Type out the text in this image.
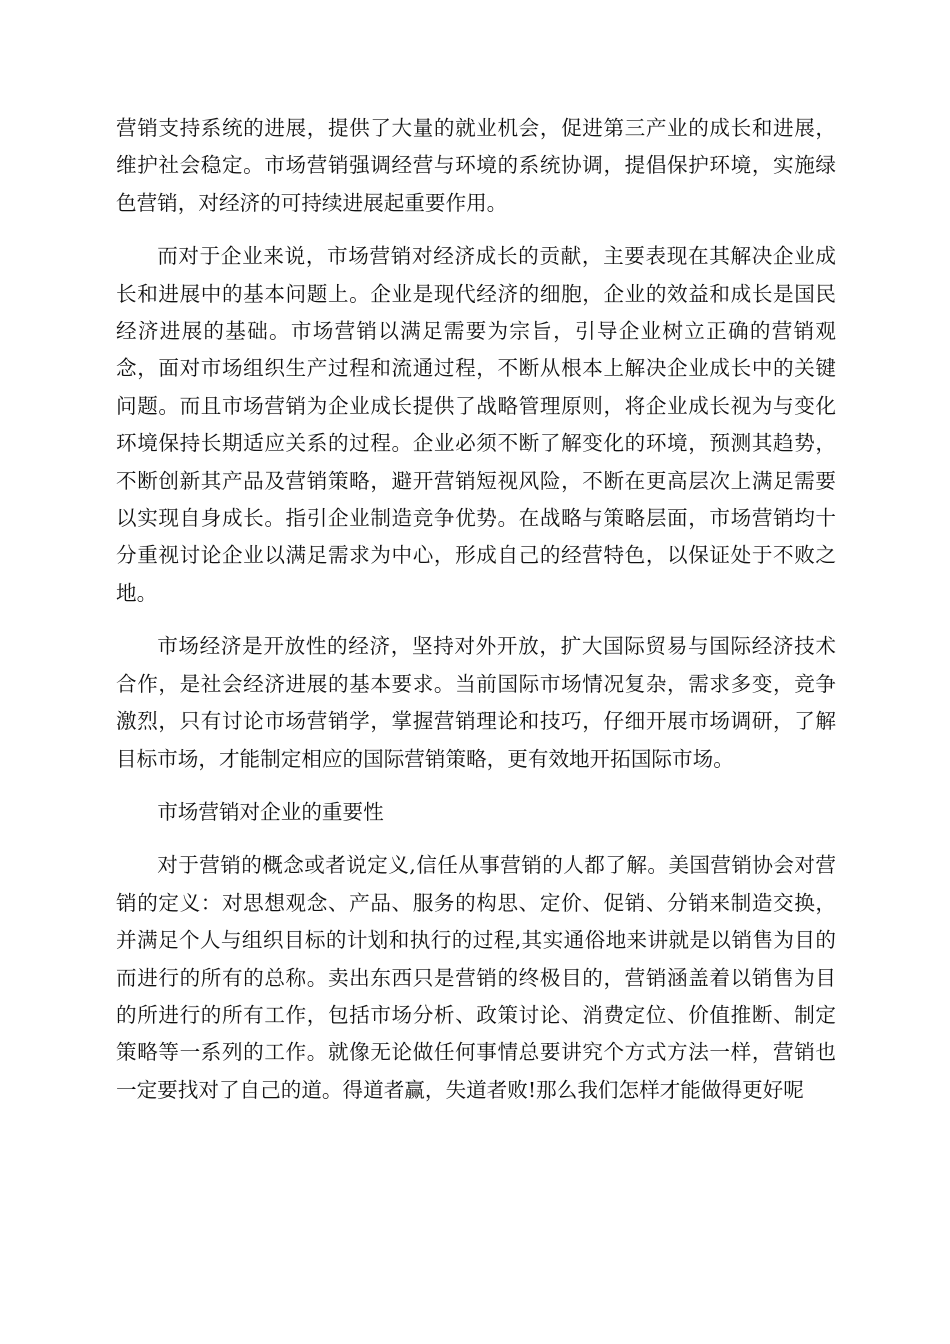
营销支持系统的进展，提供了大量的就业机会，促进第三产业的成长和进展，维护社会稳定。市场营销强调经营与环境的系统协调，提倡保护环境，实施绿色营销，对经济的可持续进展起重要作用。

而对于企业来说，市场营销对经济成长的贡献，主要表现在其解决企业成长和进展中的基本问题上。企业是现代经济的细胞，企业的效益和成长是国民经济进展的基础。市场营销以满足需要为宗旨，引导企业树立正确的营销观念，面对市场组织生产过程和流通过程，不断从根本上解决企业成长中的关键问题。而且市场营销为企业成长提供了战略管理原则，将企业成长视为与变化环境保持长期适应关系的过程。企业必须不断了解变化的环境，预测其趋势，不断创新其产品及营销策略，避开营销短视风险，不断在更高层次上满足需要以实现自身成长。指引企业制造竞争优势。在战略与策略层面，市场营销均十分重视讨论企业以满足需求为中心，形成自己的经营特色，以保证处于不败之地。

市场经济是开放性的经济，坚持对外开放，扩大国际贸易与国际经济技术合作，是社会经济进展的基本要求。当前国际市场情况复杂，需求多变，竞争激烈，只有讨论市场营销学，掌握营销理论和技巧，仔细开展市场调研，了解目标市场，才能制定相应的国际营销策略，更有效地开拓国际市场。

市场营销对企业的重要性

对于营销的概念或者说定义,信任从事营销的人都了解。美国营销协会对营销的定义：对思想观念、产品、服务的构思、定价、促销、分销来制造交换，并满足个人与组织目标的计划和执行的过程,其实通俗地来讲就是以销售为目的而进行的所有的总称。卖出东西只是营销的终极目的，营销涵盖着以销售为目的所进行的所有工作，包括市场分析、政策讨论、消费定位、价值推断、制定策略等一系列的工作。就像无论做任何事情总要讲究个方式方法一样，营销也一定要找对了自己的道。得道者赢，失道者败!那么我们怎样才能做得更好呢
